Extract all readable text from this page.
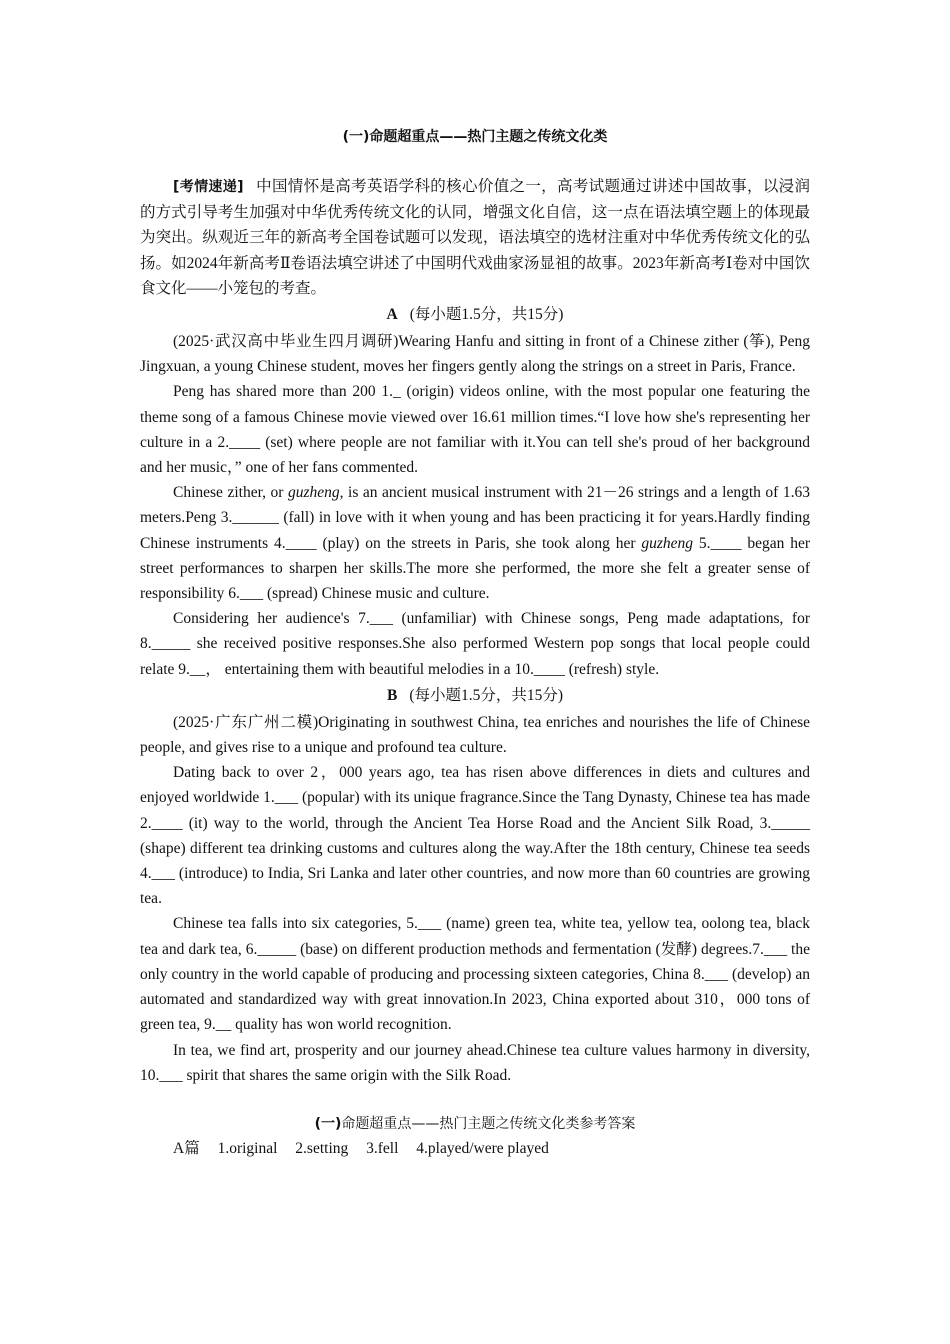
(一)命题超重点——热门主题之传统文化类

[考情速递] 中国情怀是高考英语学科的核心价值之一，高考试题通过讲述中国故事，以浸润的方式引导考生加强对中华优秀传统文化的认同，增强文化自信，这一点在语法填空题上的体现最为突出。纵观近三年的新高考全国卷试题可以发现，语法填空的选材注重对中华优秀传统文化的弘扬。如2024年新高考Ⅱ卷语法填空讲述了中国明代戏曲家汤显祖的故事。2023年新高考Ⅰ卷对中国饮食文化——小笼包的考查。

A (每小题1.5分，共15分)

(2025·武汉高中毕业生四月调研)Wearing Hanfu and sitting in front of a Chinese zither (筝), Peng Jingxuan, a young Chinese student, moves her fingers gently along the strings on a street in Paris, France.

Peng has shared more than 200 1._ (origin) videos online, with the most popular one featuring the theme song of a famous Chinese movie viewed over 16.61 million times.“I love how she's representing her culture in a 2.____ (set) where people are not familiar with it.You can tell she's proud of her background and her music，” one of her fans commented.

Chinese zither, or guzheng, is an ancient musical instrument with 21－26 strings and a length of 1.63 meters.Peng 3.______ (fall) in love with it when young and has been practicing it for years.Hardly finding Chinese instruments 4.____ (play) on the streets in Paris, she took along her guzheng 5.____ began her street performances to sharpen her skills.The more she performed, the more she felt a greater sense of responsibility 6.___ (spread) Chinese music and culture.

Considering her audience's 7.___ (unfamiliar) with Chinese songs, Peng made adaptations, for 8._____ she received positive responses.She also performed Western pop songs that local people could relate 9.__， entertaining them with beautiful melodies in a 10.____ (refresh) style.

B (每小题1.5分，共15分)

(2025·广东广州二模)Originating in southwest China, tea enriches and nourishes the life of Chinese people, and gives rise to a unique and profound tea culture.

Dating back to over 2，000 years ago, tea has risen above differences in diets and cultures and enjoyed worldwide 1.___ (popular) with its unique fragrance.Since the Tang Dynasty, Chinese tea has made 2.____ (it) way to the world, through the Ancient Tea Horse Road and the Ancient Silk Road, 3._____ (shape) different tea drinking customs and cultures along the way.After the 18th century, Chinese tea seeds 4.___ (introduce) to India, Sri Lanka and later other countries, and now more than 60 countries are growing tea.

Chinese tea falls into six categories, 5.___ (name) green tea, white tea, yellow tea, oolong tea, black tea and dark tea, 6._____ (base) on different production methods and fermentation (发酵) degrees.7.___ the only country in the world capable of producing and processing sixteen categories, China 8.___ (develop) an automated and standardized way with great innovation.In 2023, China exported about 310，000 tons of green tea, 9.__ quality has won world recognition.

In tea, we find art, prosperity and our journey ahead.Chinese tea culture values harmony in diversity, 10.___ spirit that shares the same origin with the Silk Road.

(一)命题超重点——热门主题之传统文化类参考答案

A篇 1.original 2.setting 3.fell 4.played/were played
